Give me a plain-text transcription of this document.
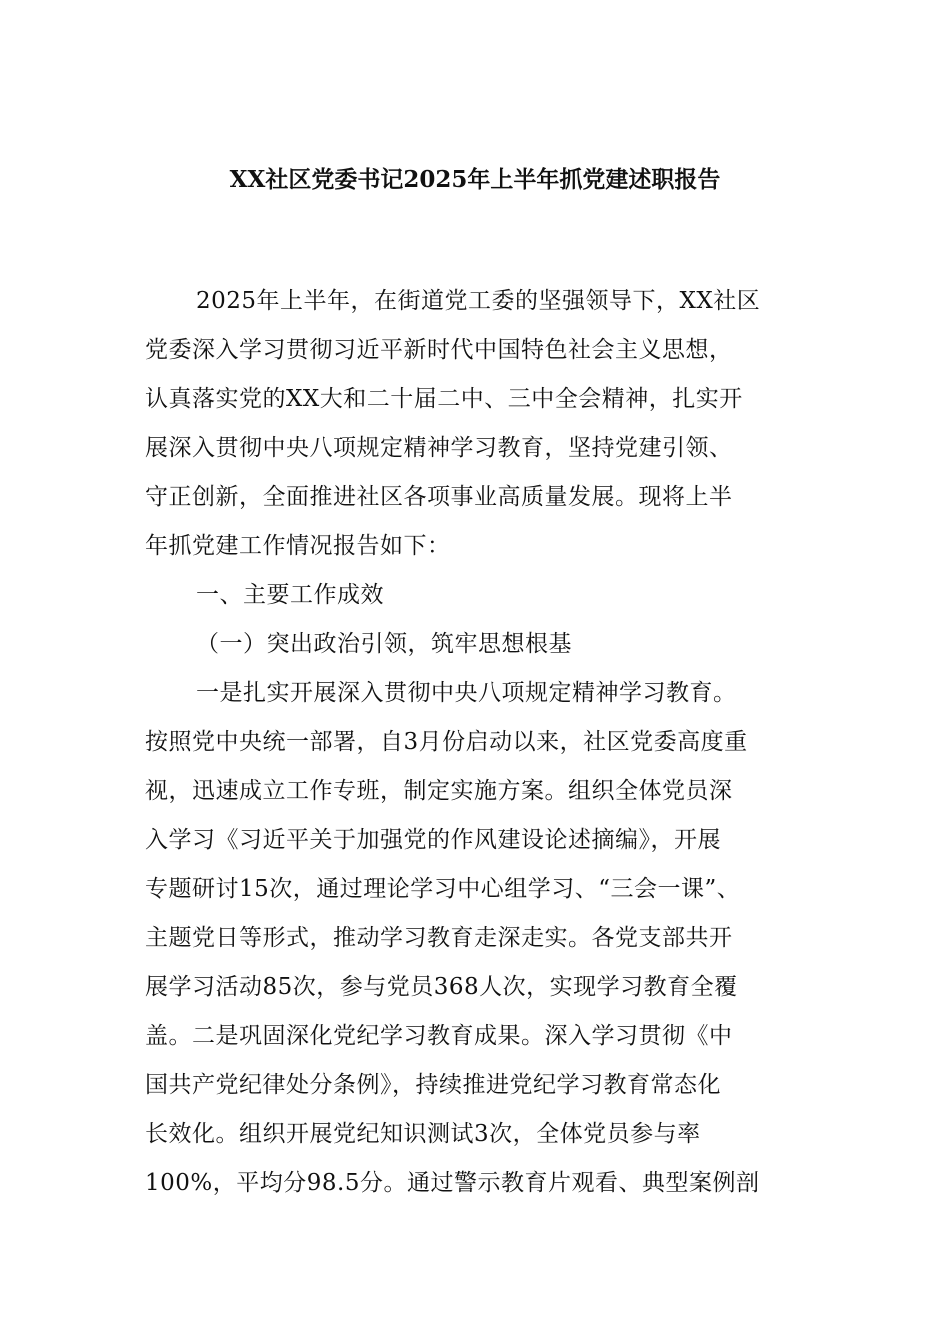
XX社区党委书记2025年上半年抓党建述职报告
2025年上半年，在街道党工委的坚强领导下，XX社区
党委深入学习贯彻习近平新时代中国特色社会主义思想，
认真落实党的XX大和二十届二中、三中全会精神，扎实开
展深入贯彻中央八项规定精神学习教育，坚持党建引领、
守正创新，全面推进社区各项事业高质量发展。现将上半
年抓党建工作情况报告如下：
一、主要工作成效
（一）突出政治引领，筑牢思想根基
一是扎实开展深入贯彻中央八项规定精神学习教育。
按照党中央统一部署，自3月份启动以来，社区党委高度重
视，迅速成立工作专班，制定实施方案。组织全体党员深
入学习《习近平关于加强党的作风建设论述摘编》，开展
专题研讨15次，通过理论学习中心组学习、“三会一课”、
主题党日等形式，推动学习教育走深走实。各党支部共开
展学习活动85次，参与党员368人次，实现学习教育全覆
盖。二是巩固深化党纪学习教育成果。深入学习贯彻《中
国共产党纪律处分条例》，持续推进党纪学习教育常态化
长效化。组织开展党纪知识测试3次，全体党员参与率
100%，平均分98.5分。通过警示教育片观看、典型案例剖
